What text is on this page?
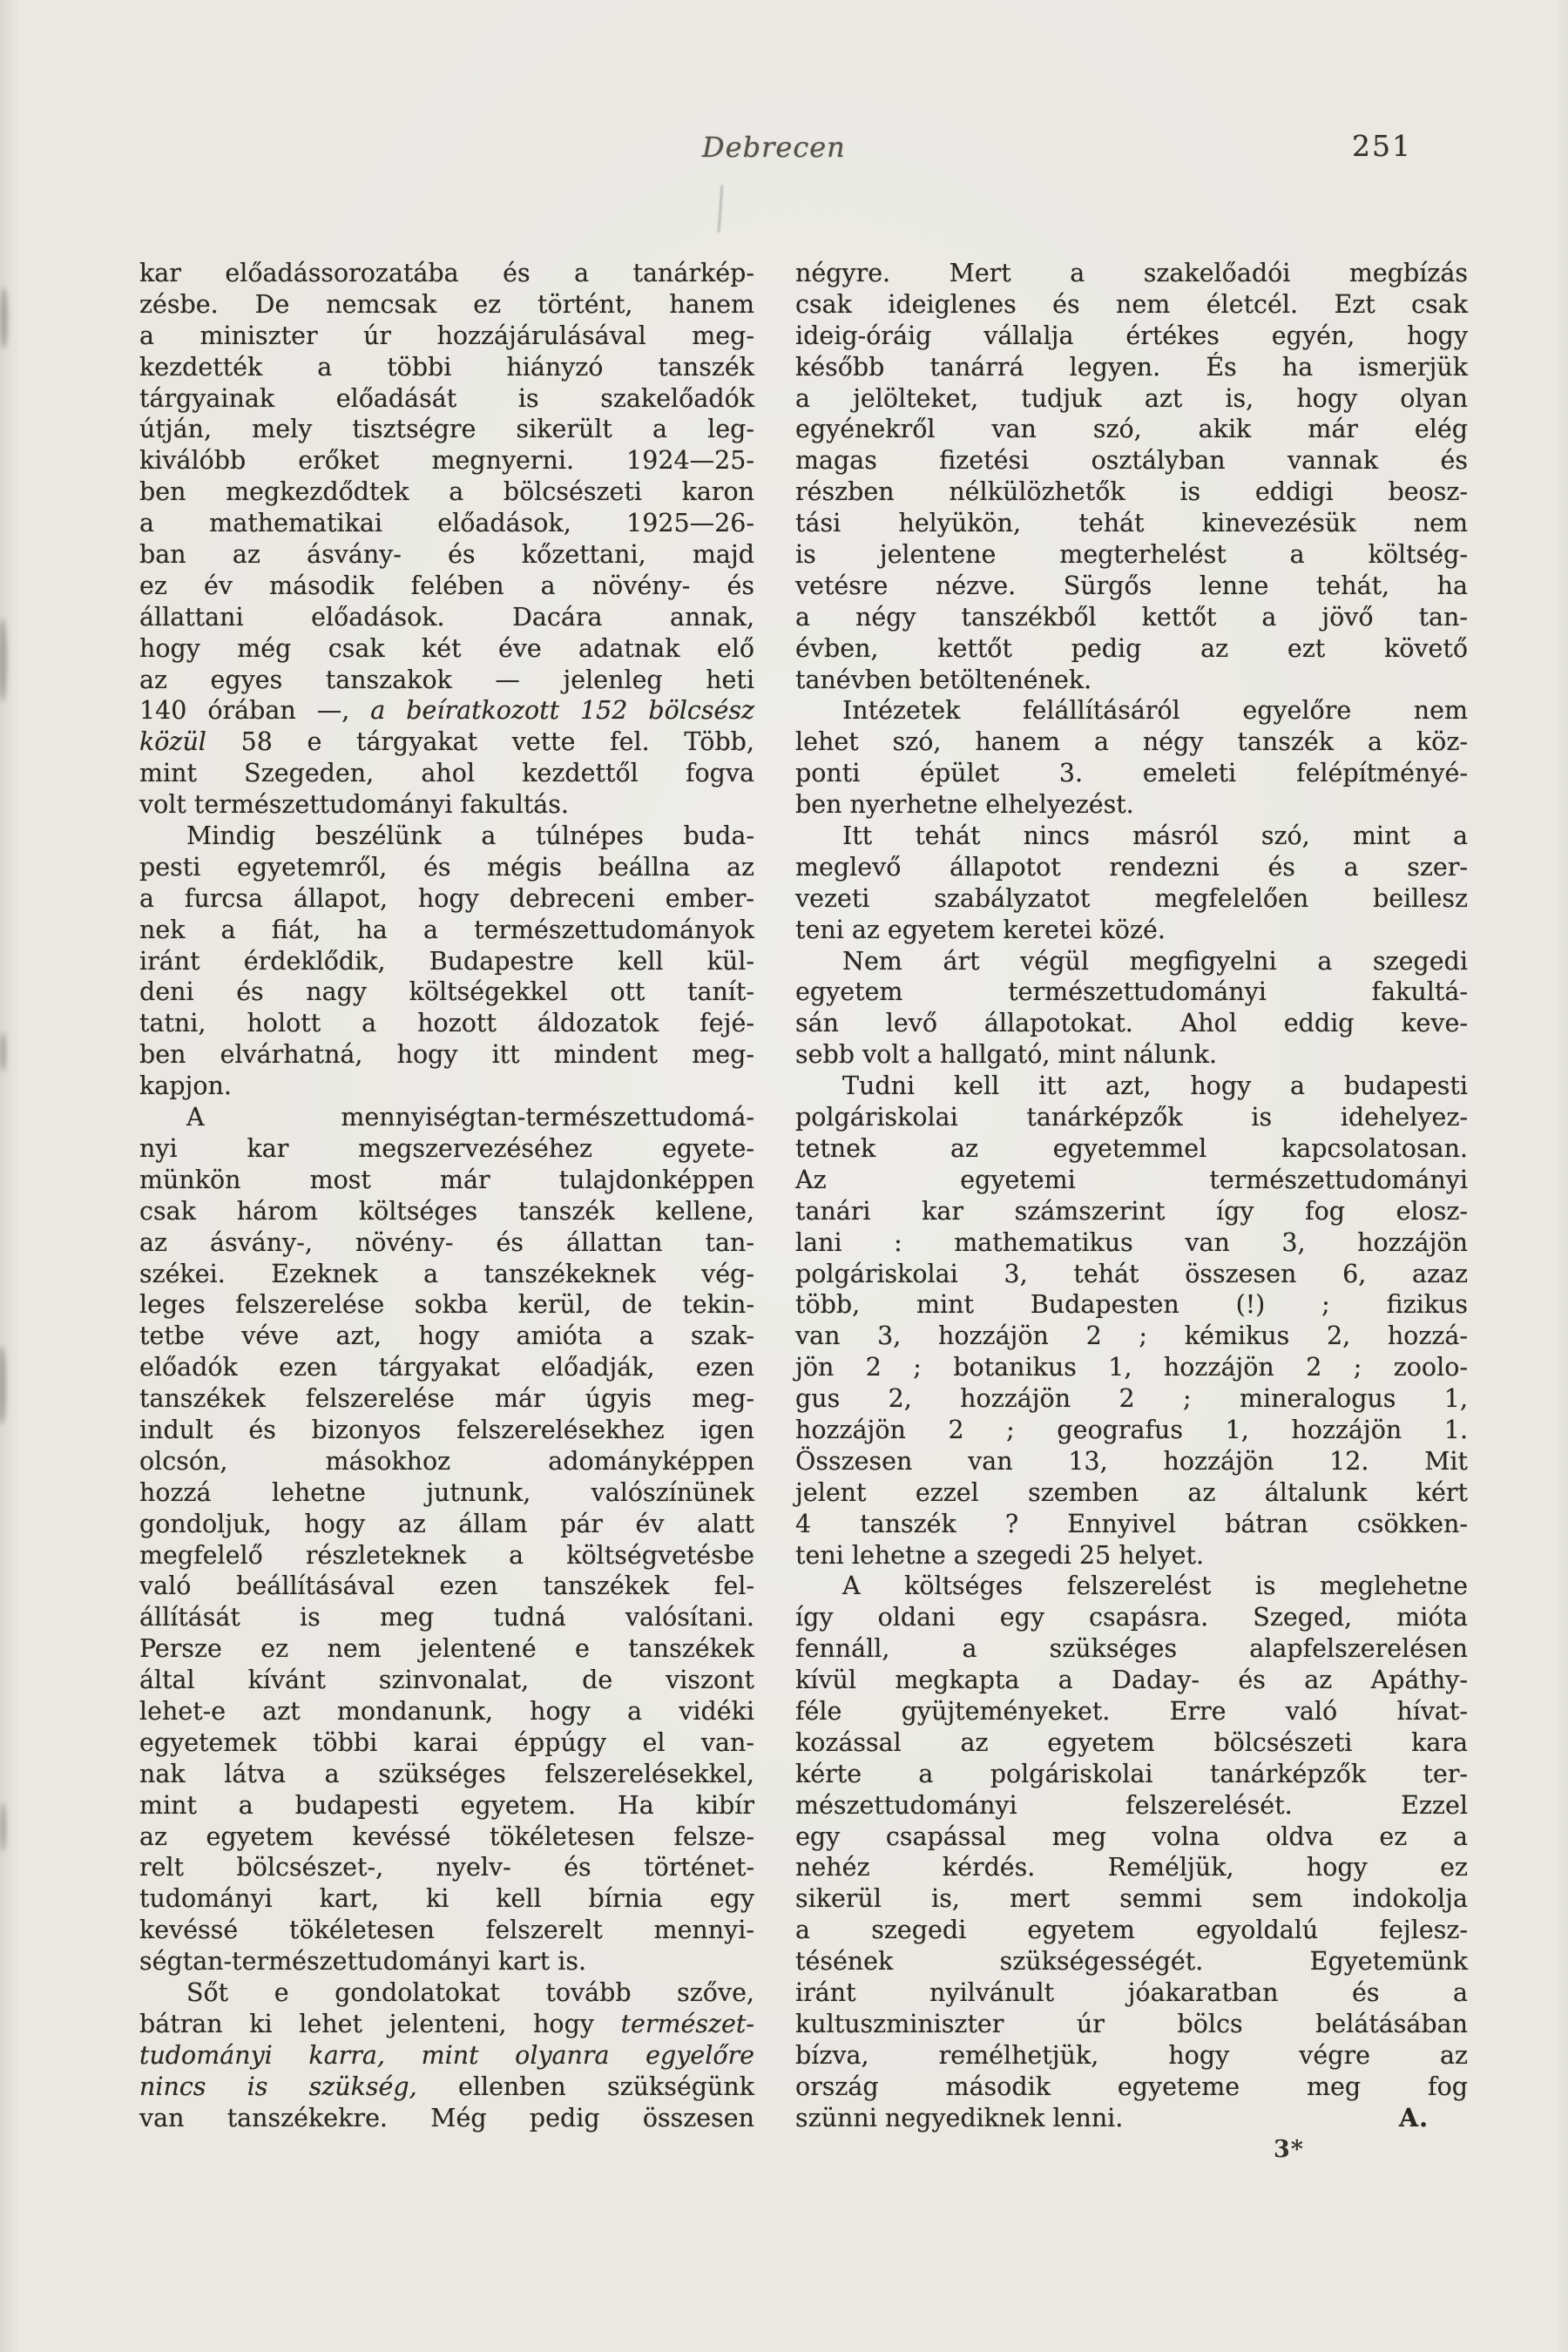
Debrecen	251
kar előadássorozatába és a tanárkép-
zésbe. De nemcsak ez történt, hanem
a miniszter úr hozzájárulásával meg-
kezdették a többi hiányzó tanszék
tárgyainak előadását is szakelőadók
útján, mely tisztségre sikerült a leg-
kiválóbb erőket megnyerni. 1924—25-
ben megkezdődtek a bölcsészeti karon
a mathematikai előadások, 1925—26-
ban az ásvány- és kőzettani, majd
ez év második felében a növény- és
állattani előadások. Dacára annak,
hogy még csak két éve adatnak elő
az egyes tanszakok — jelenleg heti
140 órában —, a beíratkozott 152 bölcsész
közül 58 e tárgyakat vette fel. Több,
mint Szegeden, ahol kezdettől fogva
volt természettudományi fakultás.
Mindig beszélünk a túlnépes buda-
pesti egyetemről, és mégis beállna az
a furcsa állapot, hogy debreceni ember-
nek a fiát, ha a természettudományok
iránt érdeklődik, Budapestre kell kül-
deni és nagy költségekkel ott tanít-
tatni, holott a hozott áldozatok fejé-
ben elvárhatná, hogy itt mindent meg-
kapjon.
A mennyiségtan-természettudomá-
nyi kar megszervezéséhez egyete-
münkön most már tulajdonképpen
csak három költséges tanszék kellene,
az ásvány-, növény- és állattan tan-
székei. Ezeknek a tanszékeknek vég-
leges felszerelése sokba kerül, de tekin-
tetbe véve azt, hogy amióta a szak-
előadók ezen tárgyakat előadják, ezen
tanszékek felszerelése már úgyis meg-
indult és bizonyos felszerelésekhez igen
olcsón, másokhoz adományképpen
hozzá lehetne jutnunk, valószínünek
gondoljuk, hogy az állam pár év alatt
megfelelő részleteknek a költségvetésbe
való beállításával ezen tanszékek fel-
állítását is meg tudná valósítani.
Persze ez nem jelentené e tanszékek
által kívánt szinvonalat, de viszont
lehet-e azt mondanunk, hogy a vidéki
egyetemek többi karai éppúgy el van-
nak látva a szükséges felszerelésekkel,
mint a budapesti egyetem. Ha kibír
az egyetem kevéssé tökéletesen felsze-
relt bölcsészet-, nyelv- és történet-
tudományi kart, ki kell bírnia egy
kevéssé tökéletesen felszerelt mennyi-
ségtan-természettudományi kart is.
Sőt e gondolatokat tovább szőve,
bátran ki lehet jelenteni, hogy természet-
tudományi karra, mint olyanra egyelőre
nincs is szükség, ellenben szükségünk
van tanszékekre. Még pedig összesen
négyre. Mert a szakelőadói megbízás
csak ideiglenes és nem életcél. Ezt csak
ideig-óráig vállalja értékes egyén, hogy
később tanárrá legyen. És ha ismerjük
a jelölteket, tudjuk azt is, hogy olyan
egyénekről van szó, akik már elég
magas fizetési osztályban vannak és
részben nélkülözhetők is eddigi beosz-
tási helyükön, tehát kinevezésük nem
is jelentene megterhelést a költség-
vetésre nézve. Sürgős lenne tehát, ha
a négy tanszékből kettőt a jövő tan-
évben, kettőt pedig az ezt követő
tanévben betöltenének.
Intézetek felállításáról egyelőre nem
lehet szó, hanem a négy tanszék a köz-
ponti épület 3. emeleti felépítményé-
ben nyerhetne elhelyezést.
Itt tehát nincs másról szó, mint a
meglevő állapotot rendezni és a szer-
vezeti szabályzatot megfelelően beillesz
teni az egyetem keretei közé.
Nem árt végül megfigyelni a szegedi
egyetem természettudományi fakultá-
sán levő állapotokat. Ahol eddig keve-
sebb volt a hallgató, mint nálunk.
Tudni kell itt azt, hogy a budapesti
polgáriskolai tanárképzők is idehelyez-
tetnek az egyetemmel kapcsolatosan.
Az egyetemi természettudományi
tanári kar számszerint így fog elosz-
lani : mathematikus van 3, hozzájön
polgáriskolai 3, tehát összesen 6, azaz
több, mint Budapesten (!) ; fizikus
van 3, hozzájön 2 ; kémikus 2, hozzá-
jön 2 ; botanikus 1, hozzájön 2 ; zoolo-
gus 2, hozzájön 2 ; mineralogus 1,
hozzájön 2 ; geografus 1, hozzájön 1.
Összesen van 13, hozzájön 12. Mit
jelent ezzel szemben az általunk kért
4 tanszék ? Ennyivel bátran csökken-
teni lehetne a szegedi 25 helyet.
A költséges felszerelést is meglehetne
így oldani egy csapásra. Szeged, mióta
fennáll, a szükséges alapfelszerelésen
kívül megkapta a Daday- és az Apáthy-
féle gyüjteményeket. Erre való hívat-
kozással az egyetem bölcsészeti kara
kérte a polgáriskolai tanárképzők ter-
mészettudományi felszerelését. Ezzel
egy csapással meg volna oldva ez a
nehéz kérdés. Reméljük, hogy ez
sikerül is, mert semmi sem indokolja
a szegedi egyetem egyoldalú fejlesz-
tésének szükségességét. Egyetemünk
iránt nyilvánult jóakaratban és a
kultuszminiszter úr bölcs belátásában
bízva, remélhetjük, hogy végre az
ország második egyeteme meg fog
szünni negyediknek lenni.	A.
3*
